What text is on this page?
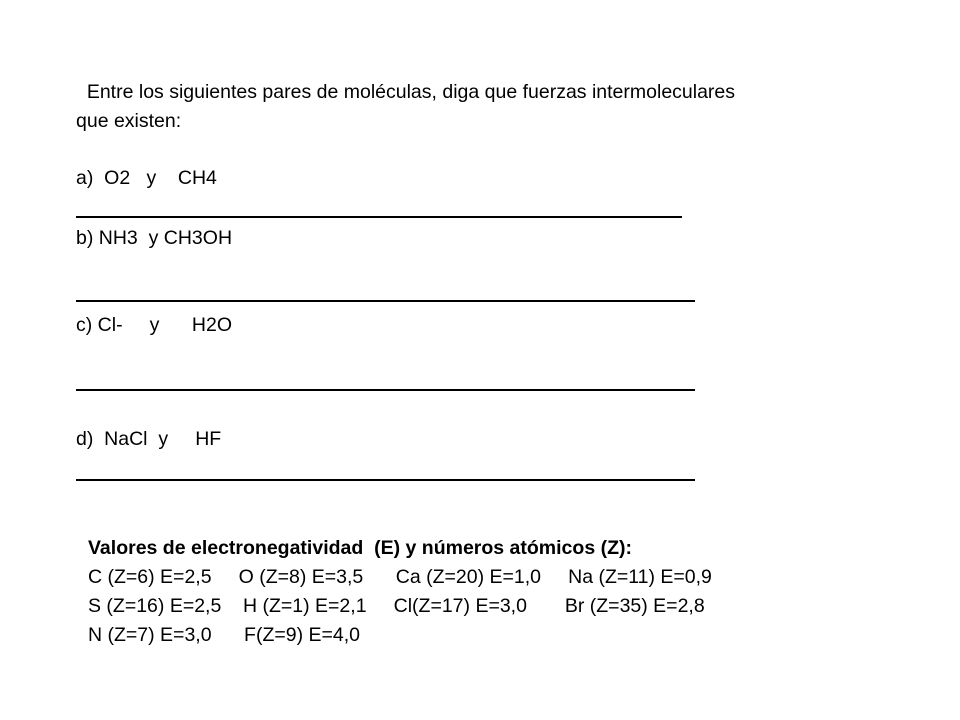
Entre los siguientes pares de moléculas, diga que fuerzas intermoleculares
que existen:
a)  O2   y    CH4
b) NH3  y CH3OH
c) Cl-     y      H2O
d)  NaCl  y     HF
Valores de electronegatividad  (E) y números atómicos (Z):
C (Z=6) E=2,5     O (Z=8) E=3,5      Ca (Z=20) E=1,0     Na (Z=11) E=0,9
S (Z=16) E=2,5    H (Z=1) E=2,1     Cl(Z=17) E=3,0       Br (Z=35) E=2,8
N (Z=7) E=3,0      F(Z=9) E=4,0
